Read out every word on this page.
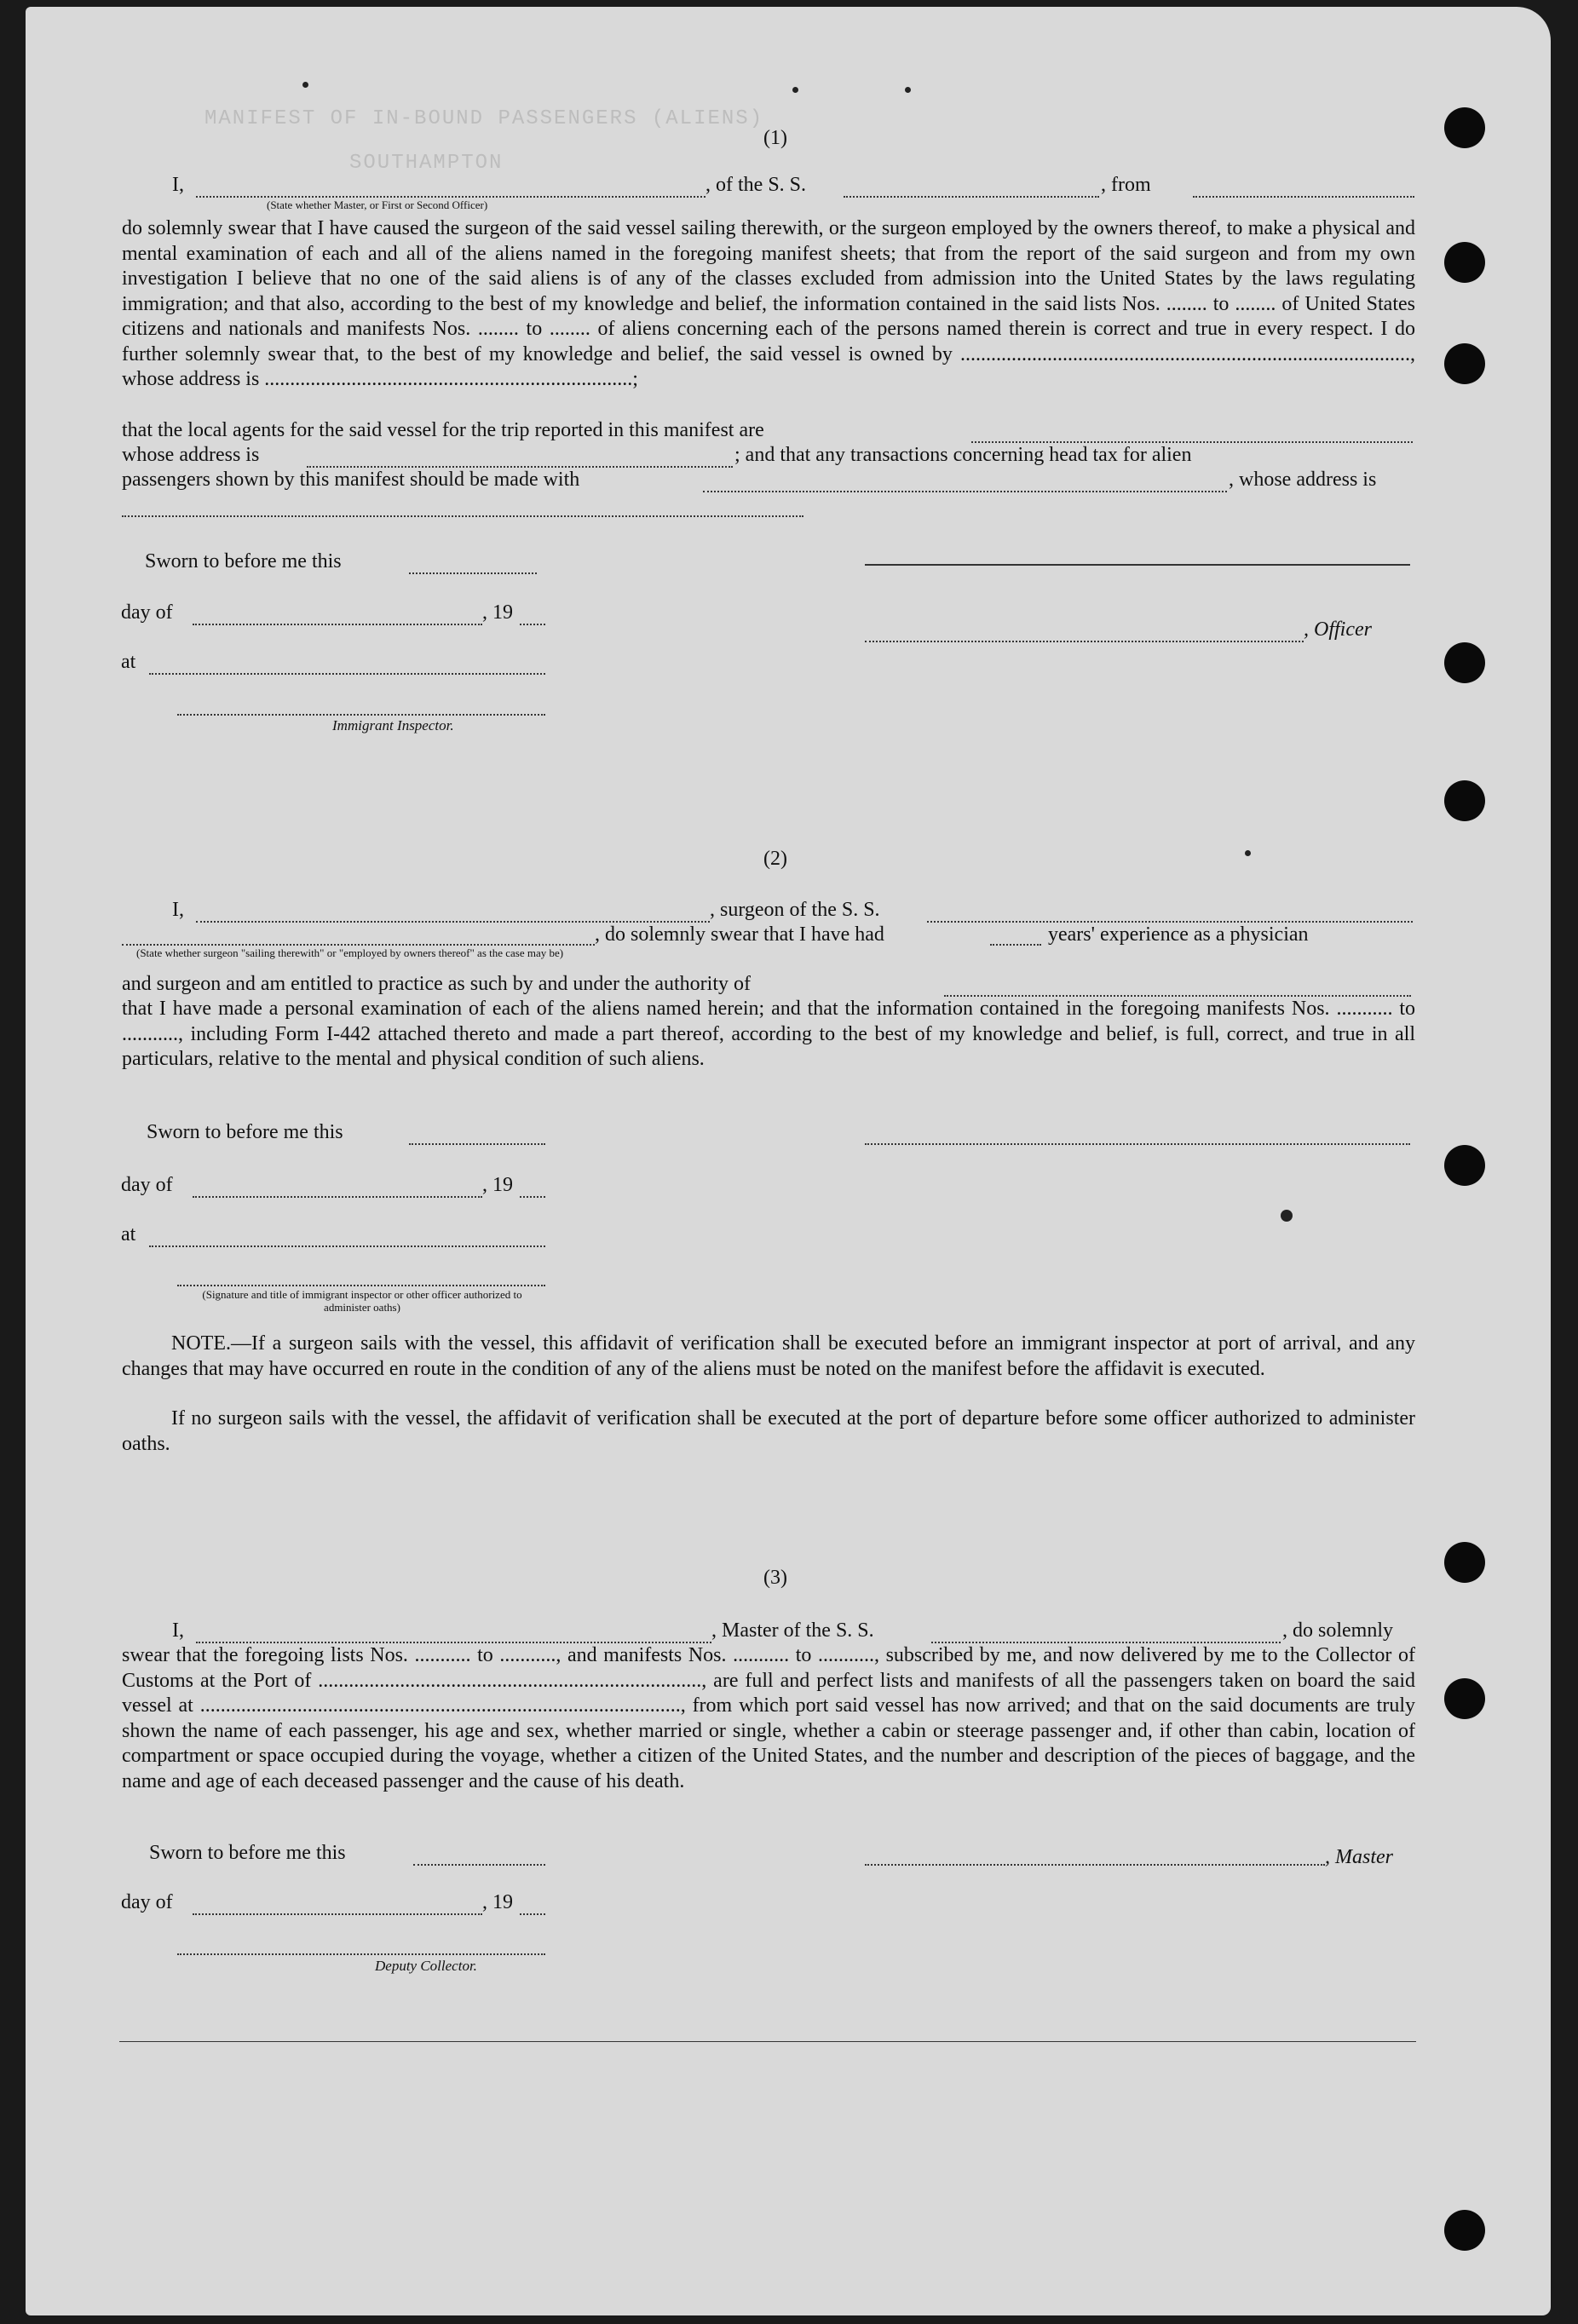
MANIFEST OF IN-BOUND PASSENGERS (ALIENS)
SOUTHAMPTON
(1)
I,
(State whether Master, or First or Second Officer)
, of the S. S.	, from
do solemnly swear that I have caused the surgeon of the said vessel sailing therewith, or the surgeon employed by the owners thereof, to make a physical and mental examination of each and all of the aliens named in the foregoing manifest sheets; that from the report of the said surgeon and from my own investigation I believe that no one of the said aliens is of any of the classes excluded from admission into the United States by the laws regulating immigration; and that also, according to the best of my knowledge and belief, the information contained in the said lists Nos. ........ to ........ of United States citizens and nationals and manifests Nos. ........ to ........ of aliens concerning each of the persons named therein is correct and true in every respect. I do further solemnly swear that, to the best of my knowledge and belief, the said vessel is owned by ........................................................................................, whose address is ........................................................................;
that the local agents for the said vessel for the trip reported in this manifest are
whose address is	; and that any transactions concerning head tax for alien
passengers shown by this manifest should be made with	, whose address is
Sworn to before me this
day of	, 19
, Officer
at
Immigrant Inspector.
(2)
I,	, surgeon of the S. S.
, do solemnly swear that I have had	years' experience as a physician
(State whether surgeon "sailing therewith" or "employed by owners thereof" as the case may be)
and surgeon and am entitled to practice as such by and under the authority of
that I have made a personal examination of each of the aliens named herein; and that the information contained in the foregoing manifests Nos. ........... to ..........., including Form I-442 attached thereto and made a part thereof, according to the best of my knowledge and belief, is full, correct, and true in all particulars, relative to the mental and physical condition of such aliens.
Sworn to before me this
day of	, 19
at
(Signature and title of immigrant inspector or other officer authorized to administer oaths)
NOTE.—If a surgeon sails with the vessel, this affidavit of verification shall be executed before an immigrant inspector at port of arrival, and any changes that may have occurred en route in the condition of any of the aliens must be noted on the manifest before the affidavit is executed.
If no surgeon sails with the vessel, the affidavit of verification shall be executed at the port of departure before some officer authorized to administer oaths.
(3)
I,	, Master of the S. S.	, do solemnly
swear that the foregoing lists Nos. ........... to ..........., and manifests Nos. ........... to ..........., subscribed by me, and now delivered by me to the Collector of Customs at the Port of ..........................................................................., are full and perfect lists and manifests of all the passengers taken on board the said vessel at .............................................................................................., from which port said vessel has now arrived; and that on the said documents are truly shown the name of each passenger, his age and sex, whether married or single, whether a cabin or steerage passenger and, if other than cabin, location of compartment or space occupied during the voyage, whether a citizen of the United States, and the number and description of the pieces of baggage, and the name and age of each deceased passenger and the cause of his death.
Sworn to before me this	, Master
day of	, 19
Deputy Collector.
